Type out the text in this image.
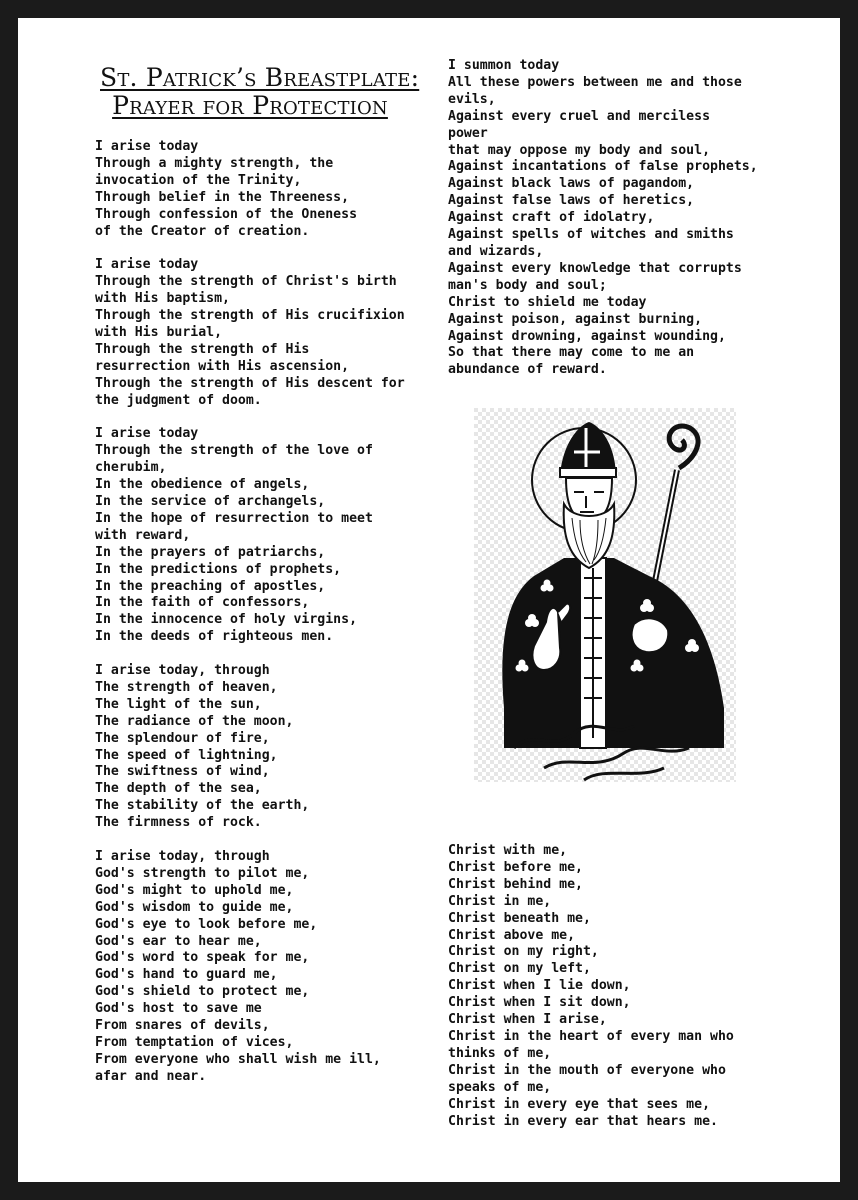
St. Patrick’s Breastplate:
Prayer for Protection
I arise today
Through a mighty strength, the
invocation of the Trinity,
Through belief in the Threeness,
Through confession of the Oneness
of the Creator of creation.
I arise today
Through the strength of Christ's birth
with His baptism,
Through the strength of His crucifixion
with His burial,
Through the strength of His
resurrection with His ascension,
Through the strength of His descent for
the judgment of doom.
I arise today
Through the strength of the love of
cherubim,
In the obedience of angels,
In the service of archangels,
In the hope of resurrection to meet
with reward,
In the prayers of patriarchs,
In the predictions of prophets,
In the preaching of apostles,
In the faith of confessors,
In the innocence of holy virgins,
In the deeds of righteous men.
I arise today, through
The strength of heaven,
The light of the sun,
The radiance of the moon,
The splendour of fire,
The speed of lightning,
The swiftness of wind,
The depth of the sea,
The stability of the earth,
The firmness of rock.
I arise today, through
God's strength to pilot me,
God's might to uphold me,
God's wisdom to guide me,
God's eye to look before me,
God's ear to hear me,
God's word to speak for me,
God's hand to guard me,
God's shield to protect me,
God's host to save me
From snares of devils,
From temptation of vices,
From everyone who shall wish me ill,
afar and near.
I summon today
All these powers between me and those
evils,
Against every cruel and merciless
power
that may oppose my body and soul,
Against incantations of false prophets,
Against black laws of pagandom,
Against false laws of heretics,
Against craft of idolatry,
Against spells of witches and smiths
and wizards,
Against every knowledge that corrupts
man's body and soul;
Christ to shield me today
Against poison, against burning,
Against drowning, against wounding,
So that there may come to me an
abundance of reward.
Christ with me,
Christ before me,
Christ behind me,
Christ in me,
Christ beneath me,
Christ above me,
Christ on my right,
Christ on my left,
Christ when I lie down,
Christ when I sit down,
Christ when I arise,
Christ in the heart of every man who
thinks of me,
Christ in the mouth of everyone who
speaks of me,
Christ in every eye that sees me,
Christ in every ear that hears me.
